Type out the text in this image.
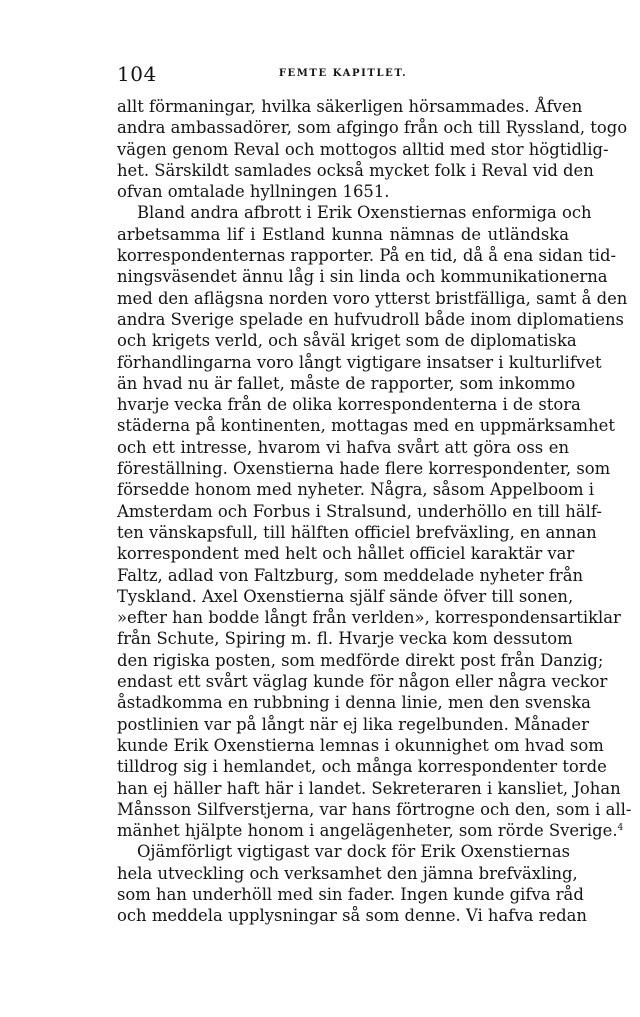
104	FEMTE KAPITLET.
allt förmaningar, hvilka säkerligen hörsammades. Åfven
andra ambassadörer, som afgingo från och till Ryssland, togo
vägen genom Reval och mottogos alltid med stor högtidlig-
het. Särskildt samlades också mycket folk i Reval vid den
ofvan omtalade hyllningen 1651.
Bland andra afbrott i Erik Oxenstiernas enformiga och
arbetsamma lif i Estland kunna nämnas de utländska
korrespondenternas rapporter. På en tid, då å ena sidan tid-
ningsväsendet ännu låg i sin linda och kommunikationerna
med den aflägsna norden voro ytterst bristfälliga, samt å den
andra Sverige spelade en hufvudroll både inom diplomatiens
och krigets verld, och såväl kriget som de diplomatiska
förhandlingarna voro långt vigtigare insatser i kulturlifvet
än hvad nu är fallet, måste de rapporter, som inkommo
hvarje vecka från de olika korrespondenterna i de stora
städerna på kontinenten, mottagas med en uppmärksamhet
och ett intresse, hvarom vi hafva svårt att göra oss en
föreställning. Oxenstierna hade flere korrespondenter, som
försedde honom med nyheter. Några, såsom Appelboom i
Amsterdam och Forbus i Stralsund, underhöllo en till hälf-
ten vänskapsfull, till hälften officiel brefväxling, en annan
korrespondent med helt och hållet officiel karaktär var
Faltz, adlad von Faltzburg, som meddelade nyheter från
Tyskland. Axel Oxenstierna själf sände öfver till sonen,
»efter han bodde långt från verlden», korrespondensartiklar
från Schute, Spiring m. fl. Hvarje vecka kom dessutom
den rigiska posten, som medförde direkt post från Danzig;
endast ett svårt väglag kunde för någon eller några veckor
åstadkomma en rubbning i denna linie, men den svenska
postlinien var på långt när ej lika regelbunden. Månader
kunde Erik Oxenstierna lemnas i okunnighet om hvad som
tilldrog sig i hemlandet, och många korrespondenter torde
han ej häller haft här i landet. Sekreteraren i kansliet, Johan
Månsson Silfverstjerna, var hans förtrogne och den, som i all-
mänhet hjälpte honom i angelägenheter, som rörde Sverige.$^4$
Ojämförligt vigtigast var dock för Erik Oxenstiernas
hela utveckling och verksamhet den jämna brefväxling,
som han underhöll med sin fader. Ingen kunde gifva råd
och meddela upplysningar så som denne. Vi hafva redan
